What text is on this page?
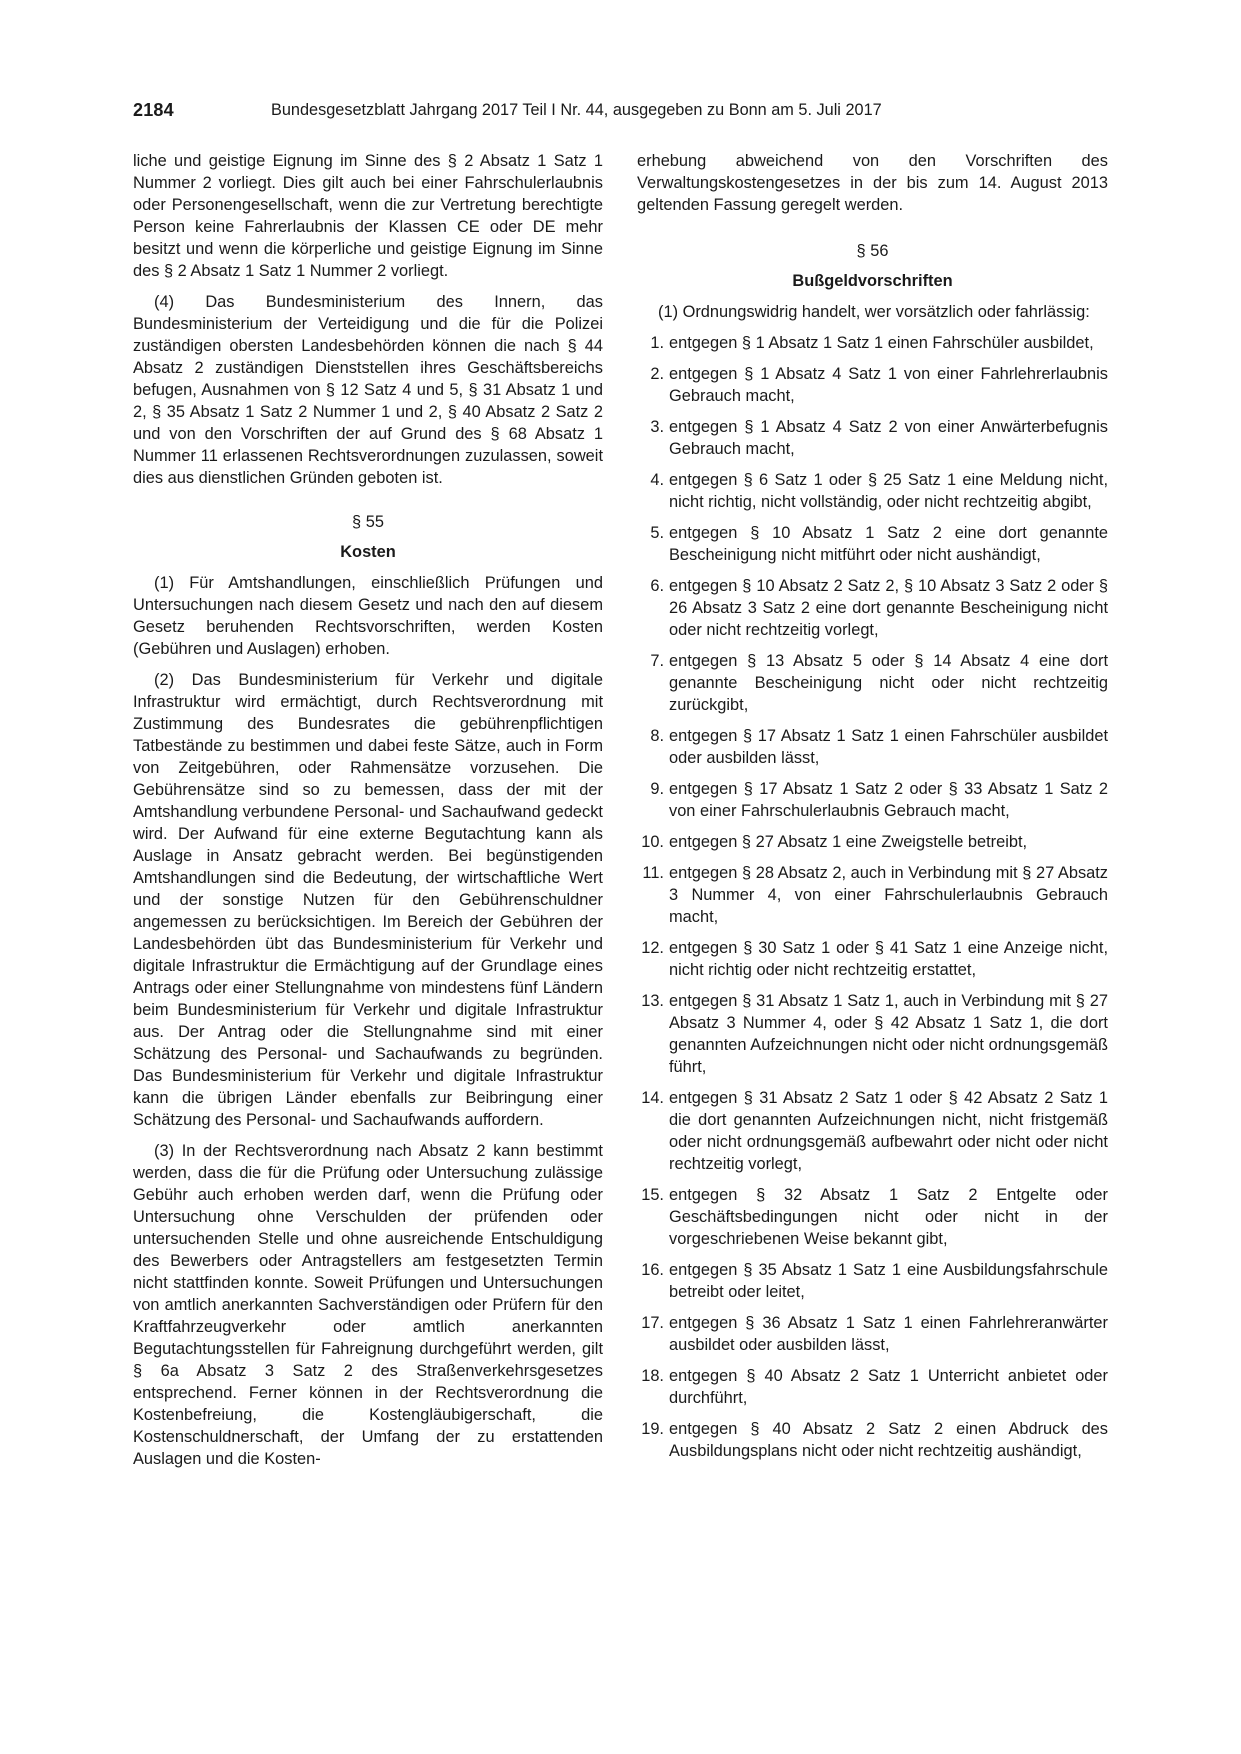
2184	Bundesgesetzblatt Jahrgang 2017 Teil I Nr. 44, ausgegeben zu Bonn am 5. Juli 2017

liche und geistige Eignung im Sinne des § 2 Absatz 1 Satz 1 Nummer 2 vorliegt. Dies gilt auch bei einer Fahrschulerlaubnis oder Personengesellschaft, wenn die zur Vertretung berechtigte Person keine Fahrerlaubnis der Klassen CE oder DE mehr besitzt und wenn die körperliche und geistige Eignung im Sinne des § 2 Absatz 1 Satz 1 Nummer 2 vorliegt.

(4) Das Bundesministerium des Innern, das Bundesministerium der Verteidigung und die für die Polizei zuständigen obersten Landesbehörden können die nach § 44 Absatz 2 zuständigen Dienststellen ihres Geschäftsbereichs befugen, Ausnahmen von § 12 Satz 4 und 5, § 31 Absatz 1 und 2, § 35 Absatz 1 Satz 2 Nummer 1 und 2, § 40 Absatz 2 Satz 2 und von den Vorschriften der auf Grund des § 68 Absatz 1 Nummer 11 erlassenen Rechtsverordnungen zuzulassen, soweit dies aus dienstlichen Gründen geboten ist.

§ 55
Kosten

(1) Für Amtshandlungen, einschließlich Prüfungen und Untersuchungen nach diesem Gesetz und nach den auf diesem Gesetz beruhenden Rechtsvorschriften, werden Kosten (Gebühren und Auslagen) erhoben.

(2) Das Bundesministerium für Verkehr und digitale Infrastruktur wird ermächtigt, durch Rechtsverordnung mit Zustimmung des Bundesrates die gebührenpflichtigen Tatbestände zu bestimmen und dabei feste Sätze, auch in Form von Zeitgebühren, oder Rahmensätze vorzusehen. Die Gebührensätze sind so zu bemessen, dass der mit der Amtshandlung verbundene Personal- und Sachaufwand gedeckt wird. Der Aufwand für eine externe Begutachtung kann als Auslage in Ansatz gebracht werden. Bei begünstigenden Amtshandlungen sind die Bedeutung, der wirtschaftliche Wert und der sonstige Nutzen für den Gebührenschuldner angemessen zu berücksichtigen. Im Bereich der Gebühren der Landesbehörden übt das Bundesministerium für Verkehr und digitale Infrastruktur die Ermächtigung auf der Grundlage eines Antrags oder einer Stellungnahme von mindestens fünf Ländern beim Bundesministerium für Verkehr und digitale Infrastruktur aus. Der Antrag oder die Stellungnahme sind mit einer Schätzung des Personal- und Sachaufwands zu begründen. Das Bundesministerium für Verkehr und digitale Infrastruktur kann die übrigen Länder ebenfalls zur Beibringung einer Schätzung des Personal- und Sachaufwands auffordern.

(3) In der Rechtsverordnung nach Absatz 2 kann bestimmt werden, dass die für die Prüfung oder Untersuchung zulässige Gebühr auch erhoben werden darf, wenn die Prüfung oder Untersuchung ohne Verschulden der prüfenden oder untersuchenden Stelle und ohne ausreichende Entschuldigung des Bewerbers oder Antragstellers am festgesetzten Termin nicht stattfinden konnte. Soweit Prüfungen und Untersuchungen von amtlich anerkannten Sachverständigen oder Prüfern für den Kraftfahrzeugverkehr oder amtlich anerkannten Begutachtungsstellen für Fahreignung durchgeführt werden, gilt § 6a Absatz 3 Satz 2 des Straßenverkehrsgesetzes entsprechend. Ferner können in der Rechtsverordnung die Kostenbefreiung, die Kostengläubigerschaft, die Kostenschuldnerschaft, der Umfang der zu erstattenden Auslagen und die Kosten-

erhebung abweichend von den Vorschriften des Verwaltungskostengesetzes in der bis zum 14. August 2013 geltenden Fassung geregelt werden.

§ 56
Bußgeldvorschriften

(1) Ordnungswidrig handelt, wer vorsätzlich oder fahrlässig:

1. entgegen § 1 Absatz 1 Satz 1 einen Fahrschüler ausbildet,
2. entgegen § 1 Absatz 4 Satz 1 von einer Fahrlehrerlaubnis Gebrauch macht,
3. entgegen § 1 Absatz 4 Satz 2 von einer Anwärterbefugnis Gebrauch macht,
4. entgegen § 6 Satz 1 oder § 25 Satz 1 eine Meldung nicht, nicht richtig, nicht vollständig, oder nicht rechtzeitig abgibt,
5. entgegen § 10 Absatz 1 Satz 2 eine dort genannte Bescheinigung nicht mitführt oder nicht aushändigt,
6. entgegen § 10 Absatz 2 Satz 2, § 10 Absatz 3 Satz 2 oder § 26 Absatz 3 Satz 2 eine dort genannte Bescheinigung nicht oder nicht rechtzeitig vorlegt,
7. entgegen § 13 Absatz 5 oder § 14 Absatz 4 eine dort genannte Bescheinigung nicht oder nicht rechtzeitig zurückgibt,
8. entgegen § 17 Absatz 1 Satz 1 einen Fahrschüler ausbildet oder ausbilden lässt,
9. entgegen § 17 Absatz 1 Satz 2 oder § 33 Absatz 1 Satz 2 von einer Fahrschulerlaubnis Gebrauch macht,
10. entgegen § 27 Absatz 1 eine Zweigstelle betreibt,
11. entgegen § 28 Absatz 2, auch in Verbindung mit § 27 Absatz 3 Nummer 4, von einer Fahrschulerlaubnis Gebrauch macht,
12. entgegen § 30 Satz 1 oder § 41 Satz 1 eine Anzeige nicht, nicht richtig oder nicht rechtzeitig erstattet,
13. entgegen § 31 Absatz 1 Satz 1, auch in Verbindung mit § 27 Absatz 3 Nummer 4, oder § 42 Absatz 1 Satz 1, die dort genannten Aufzeichnungen nicht oder nicht ordnungsgemäß führt,
14. entgegen § 31 Absatz 2 Satz 1 oder § 42 Absatz 2 Satz 1 die dort genannten Aufzeichnungen nicht, nicht fristgemäß oder nicht ordnungsgemäß aufbewahrt oder nicht oder nicht rechtzeitig vorlegt,
15. entgegen § 32 Absatz 1 Satz 2 Entgelte oder Geschäftsbedingungen nicht oder nicht in der vorgeschriebenen Weise bekannt gibt,
16. entgegen § 35 Absatz 1 Satz 1 eine Ausbildungsfahrschule betreibt oder leitet,
17. entgegen § 36 Absatz 1 Satz 1 einen Fahrlehreranwärter ausbildet oder ausbilden lässt,
18. entgegen § 40 Absatz 2 Satz 1 Unterricht anbietet oder durchführt,
19. entgegen § 40 Absatz 2 Satz 2 einen Abdruck des Ausbildungsplans nicht oder nicht rechtzeitig aushändigt,
